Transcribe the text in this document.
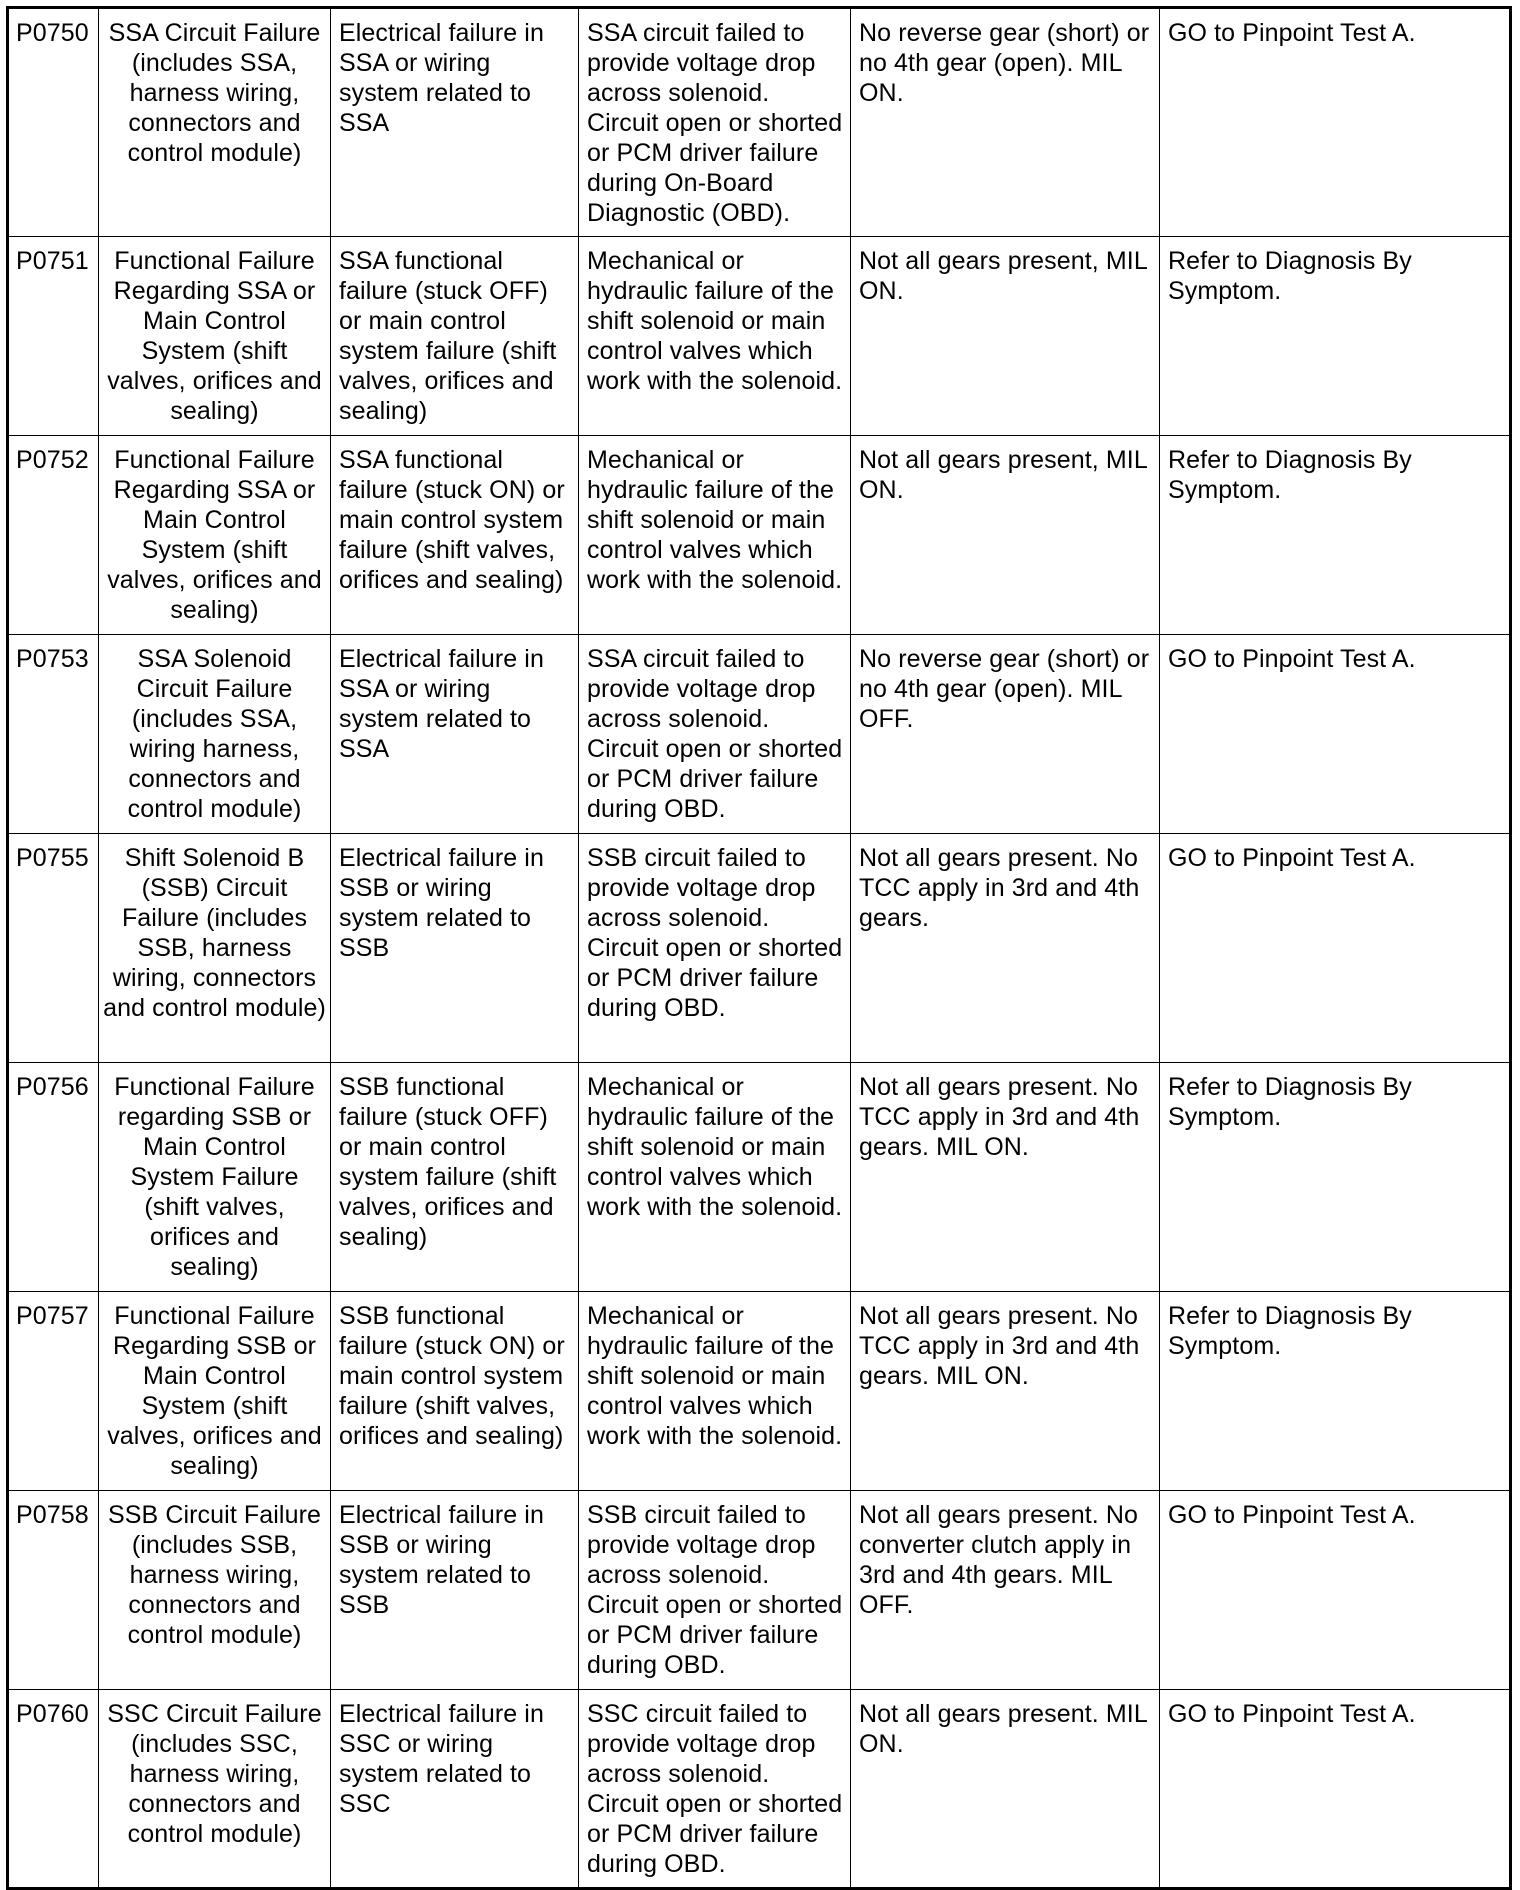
P0750	SSA Circuit Failure (includes SSA, harness wiring, connectors and control module)	Electrical failure in SSA or wiring system related to SSA	SSA circuit failed to provide voltage drop across solenoid. Circuit open or shorted or PCM driver failure during On-Board Diagnostic (OBD).	No reverse gear (short) or no 4th gear (open). MIL ON.	GO to Pinpoint Test A.
P0751	Functional Failure Regarding SSA or Main Control System (shift valves, orifices and sealing)	SSA functional failure (stuck OFF) or main control system failure (shift valves, orifices and sealing)	Mechanical or hydraulic failure of the shift solenoid or main control valves which work with the solenoid.	Not all gears present, MIL ON.	Refer to Diagnosis By Symptom.
P0752	Functional Failure Regarding SSA or Main Control System (shift valves, orifices and sealing)	SSA functional failure (stuck ON) or main control system failure (shift valves, orifices and sealing)	Mechanical or hydraulic failure of the shift solenoid or main control valves which work with the solenoid.	Not all gears present, MIL ON.	Refer to Diagnosis By Symptom.
P0753	SSA Solenoid Circuit Failure (includes SSA, wiring harness, connectors and control module)	Electrical failure in SSA or wiring system related to SSA	SSA circuit failed to provide voltage drop across solenoid. Circuit open or shorted or PCM driver failure during OBD.	No reverse gear (short) or no 4th gear (open). MIL OFF.	GO to Pinpoint Test A.
P0755	Shift Solenoid B (SSB) Circuit Failure (includes SSB, harness wiring, connectors and control module)	Electrical failure in SSB or wiring system related to SSB	SSB circuit failed to provide voltage drop across solenoid. Circuit open or shorted or PCM driver failure during OBD.	Not all gears present. No TCC apply in 3rd and 4th gears.	GO to Pinpoint Test A.
P0756	Functional Failure regarding SSB or Main Control System Failure (shift valves, orifices and sealing)	SSB functional failure (stuck OFF) or main control system failure (shift valves, orifices and sealing)	Mechanical or hydraulic failure of the shift solenoid or main control valves which work with the solenoid.	Not all gears present. No TCC apply in 3rd and 4th gears. MIL ON.	Refer to Diagnosis By Symptom.
P0757	Functional Failure Regarding SSB or Main Control System (shift valves, orifices and sealing)	SSB functional failure (stuck ON) or main control system failure (shift valves, orifices and sealing)	Mechanical or hydraulic failure of the shift solenoid or main control valves which work with the solenoid.	Not all gears present. No TCC apply in 3rd and 4th gears. MIL ON.	Refer to Diagnosis By Symptom.
P0758	SSB Circuit Failure (includes SSB, harness wiring, connectors and control module)	Electrical failure in SSB or wiring system related to SSB	SSB circuit failed to provide voltage drop across solenoid. Circuit open or shorted or PCM driver failure during OBD.	Not all gears present. No converter clutch apply in 3rd and 4th gears. MIL OFF.	GO to Pinpoint Test A.
P0760	SSC Circuit Failure (includes SSC, harness wiring, connectors and control module)	Electrical failure in SSC or wiring system related to SSC	SSC circuit failed to provide voltage drop across solenoid. Circuit open or shorted or PCM driver failure during OBD.	Not all gears present. MIL ON.	GO to Pinpoint Test A.
